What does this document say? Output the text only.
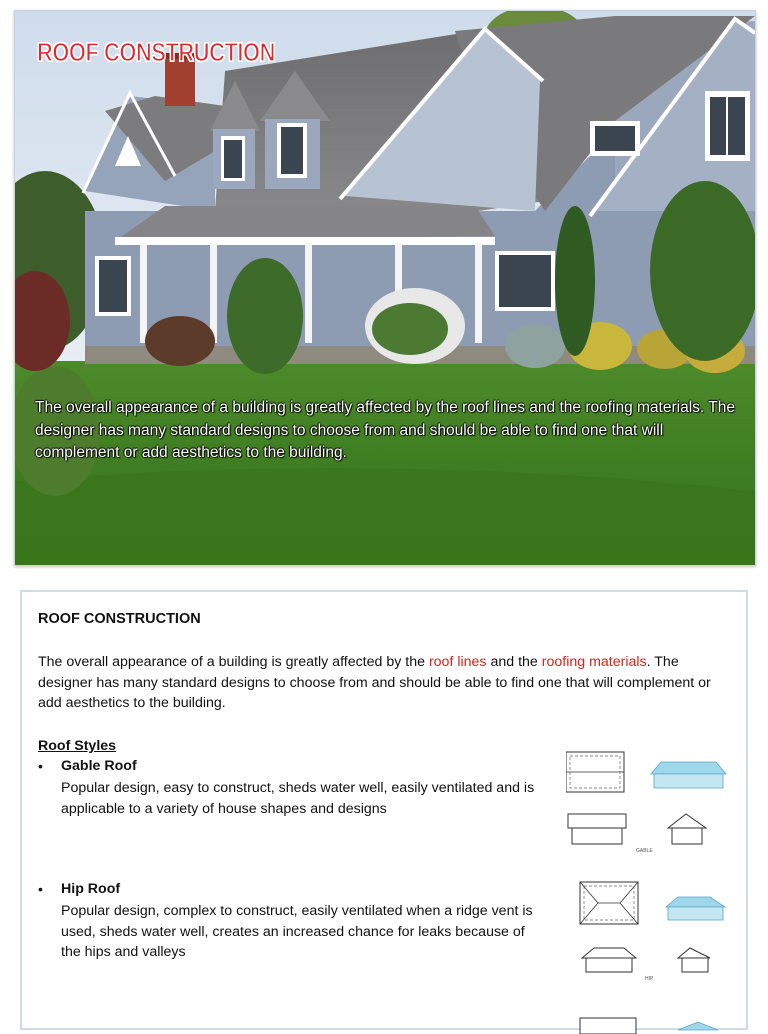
ROOF CONSTRUCTION
The overall appearance of a building is greatly affected by the roof lines and the roofing materials. The designer has many standard designs to choose from and should be able to find one that will complement or add aesthetics to the building.
ROOF CONSTRUCTION
The overall appearance of a building is greatly affected by the roof lines and the roofing materials. The designer has many standard designs to choose from and should be able to find one that will complement or add aesthetics to the building.
Roof Styles
• Gable Roof
Popular design, easy to construct, sheds water well, easily ventilated and is applicable to a variety of house shapes and designs
• Hip Roof
Popular design, complex to construct, easily ventilated when a ridge vent is used, sheds water well, creates an increased chance for leaks because of the hips and valleys
GABLE
HIP
